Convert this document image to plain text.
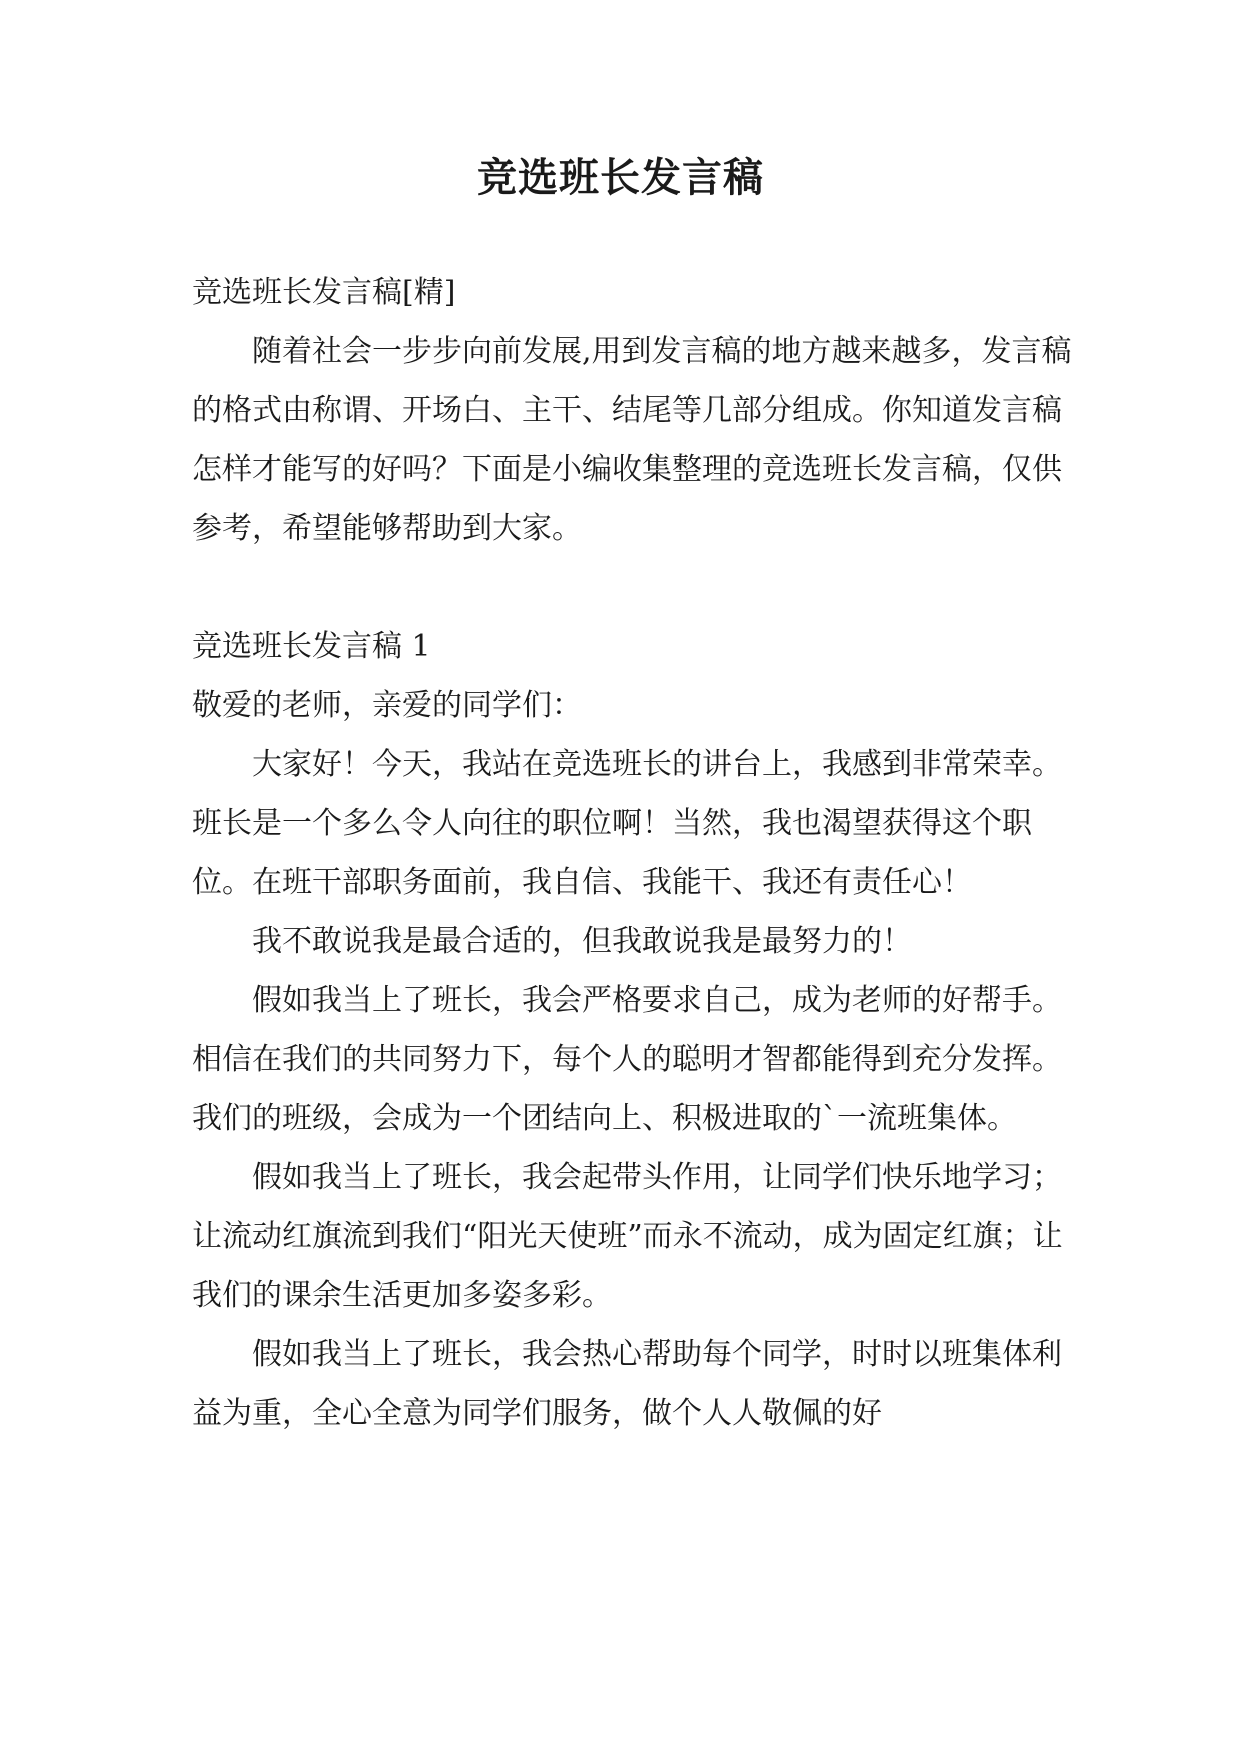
竞选班长发言稿

竞选班长发言稿[精]

随着社会一步步向前发展,用到发言稿的地方越来越多，发言稿的格式由称谓、开场白、主干、结尾等几部分组成。你知道发言稿怎样才能写的好吗？下面是小编收集整理的竞选班长发言稿，仅供参考，希望能够帮助到大家。

竞选班长发言稿 1

敬爱的老师，亲爱的同学们：

大家好！今天，我站在竞选班长的讲台上，我感到非常荣幸。班长是一个多么令人向往的职位啊！当然，我也渴望获得这个职位。在班干部职务面前，我自信、我能干、我还有责任心！

我不敢说我是最合适的，但我敢说我是最努力的！

假如我当上了班长，我会严格要求自己，成为老师的好帮手。相信在我们的共同努力下，每个人的聪明才智都能得到充分发挥。我们的班级，会成为一个团结向上、积极进取的`一流班集体。

假如我当上了班长，我会起带头作用，让同学们快乐地学习；让流动红旗流到我们“阳光天使班”而永不流动，成为固定红旗；让我们的课余生活更加多姿多彩。

假如我当上了班长，我会热心帮助每个同学，时时以班集体利益为重，全心全意为同学们服务，做个人人敬佩的好
